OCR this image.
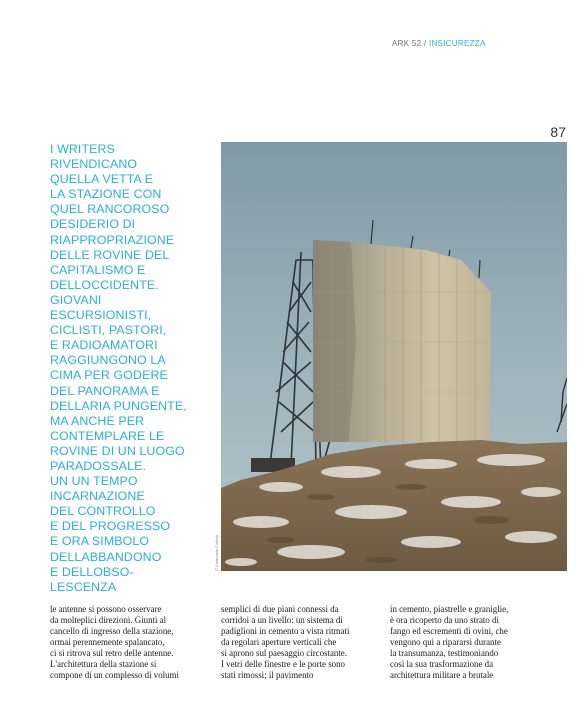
ARK 52 / INSICUREZZA
87
I WRITERS
RIVENDICANO
QUELLA VETTA E
LA STAZIONE CON
QUEL RANCOROSO
DESIDERIO DI
RIAPPROPRIAZIONE
DELLE ROVINE DEL
CAPITALISMO E
DELLOCCIDENTE.
GIOVANI
ESCURSIONISTI,
CICLISTI, PASTORI,
E RADIOAMATORI
RAGGIUNGONO LA
CIMA PER GODERE
DEL PANORAMA E
DELLARIA PUNGENTE,
MA ANCHE PER
CONTEMPLARE LE
ROVINE DI UN LUOGO
PARADOSSALE.
UN UN TEMPO
INCARNAZIONE
DEL CONTROLLO
E DEL PROGRESSO
E ORA SIMBOLO
DELLABBANDONO
E DELLOBSO-
LESCENZA
© Emanuele Coltorti
le antenne si possono osservare
da molteplici direzioni. Giunti al
cancello di ingresso della stazione,
ormai perennemente spalancato,
ci si ritrova sul retro delle antenne.
L'architettura della stazione si
compone di un complesso di volumi
semplici di due piani connessi da
corridoi a un livello: un sistema di
padiglioni in cemento a vista ritmati
da regolari aperture verticali che
si aprono sul paesaggio circostante.
I vetri delle finestre e le porte sono
stati rimossi; il pavimento
in cemento, piastrelle e graniglie,
è ora ricoperto da uno strato di
fango ed escrementi di ovini, che
vengono qui a ripararsi durante
la transumanza, testimoniando
così la sua trasformazione da
architettura militare a brutale
